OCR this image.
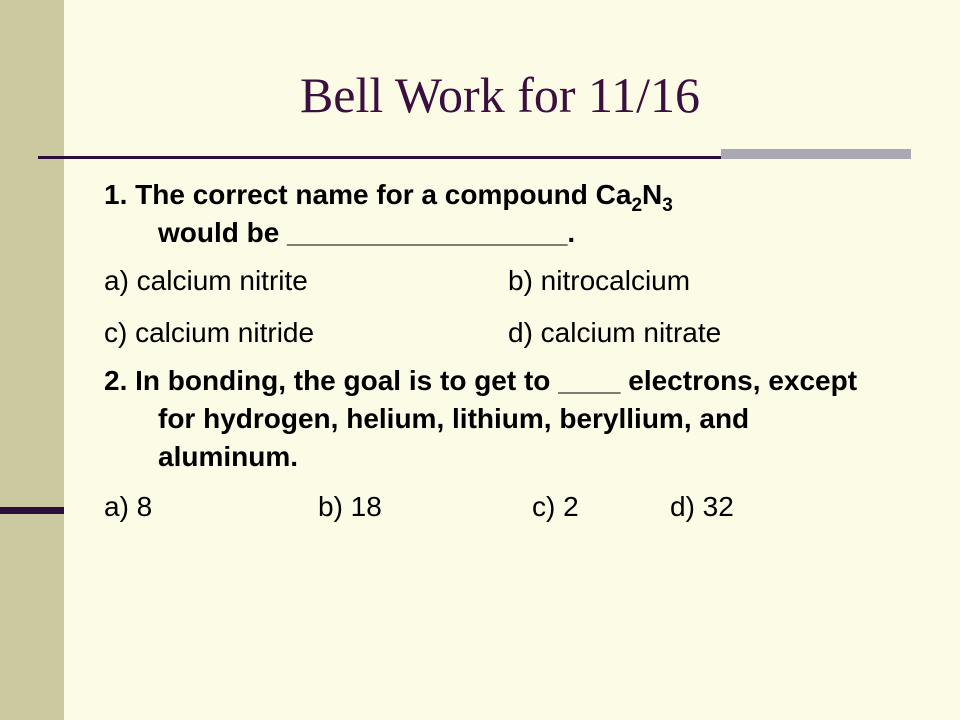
Bell Work for 11/16

1. The correct name for a compound $Ca_2N_3$
would be __________________.

a) calcium nitrite	b) nitrocalcium
c) calcium nitride	d) calcium nitrate

2. In bonding, the goal is to get to ____ electrons, except for hydrogen, helium, lithium, beryllium, and aluminum.

a) 8	b) 18	c) 2	d) 32
